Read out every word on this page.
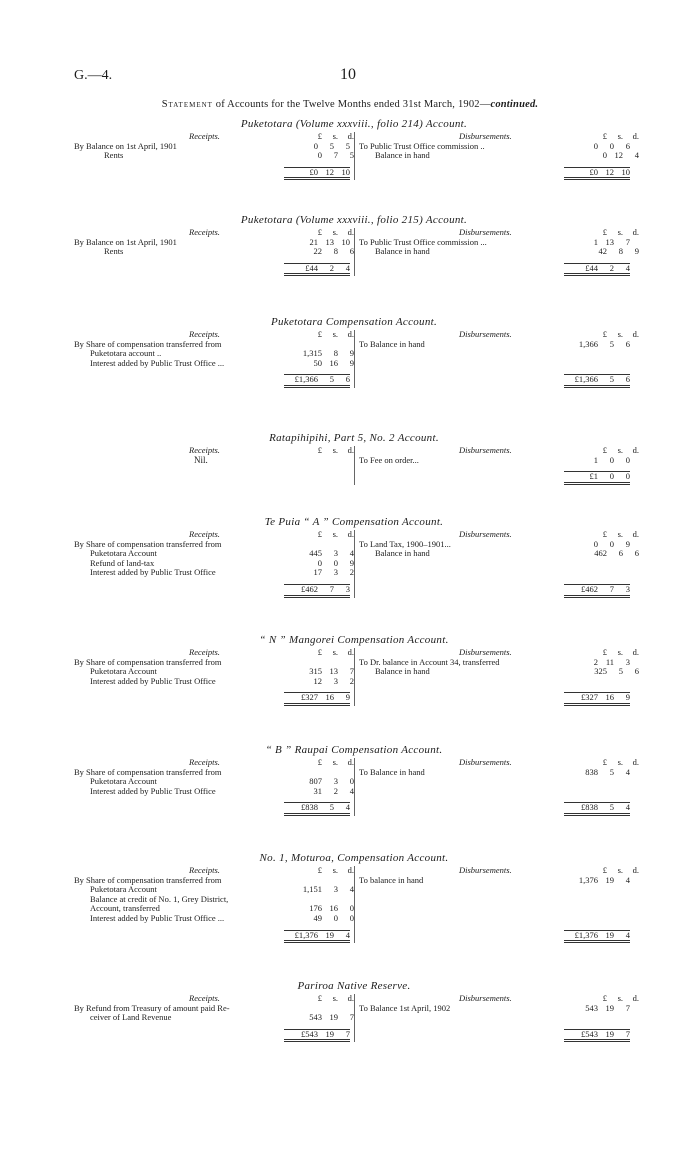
G.—4.	10
Statement of Accounts for the Twelve Months ended 31st March, 1902—continued.
Puketotara (Volume xxxviii., folio 214) Account.
Receipts.	£	s.	d.
By Balance on 1st April, 1901	0	5	5
Rents	0	7	5
£0 12 10
Disbursements.	£	s.	d.
To Public Trust Office commission ..	0	0	6
Balance in hand	0 12	4
£0 12 10
Puketotara (Volume xxxviii., folio 215) Account.
Receipts.	£	s.	d.
By Balance on 1st April, 1901	21 13 10
Rents	22	8	6
£44	2	4
Disbursements.	£	s.	d.
To Public Trust Office commission ...	1 13	7
Balance in hand	42	8	9
£44	2	4
Puketotara Compensation Account.
Receipts.	£	s.	d.
By Share of compensation transferred from
Puketotara account ..	1,315	8	9
Interest added by Public Trust Office ...	50 16	9
£1,366	5	6
Disbursements.	£	s.	d.
To Balance in hand	1,366	5	6

£1,366	5	6
Ratapihipihi, Part 5, No. 2 Account.
Receipts.	£	s.	d.
Nil.

Disbursements.	£	s.	d.
To Fee on order...	1	0	0
£1	0	0
Te Puia “ A ” Compensation Account.
Receipts.	£	s.	d.
By Share of compensation transferred from
Puketotara Account	445	3	4
Refund of land-tax	0	0	9
Interest added by Public Trust Office	17	3	2
£462	7	3
Disbursements.	£	s.	d.
To Land Tax, 1900–1901...	0	0	9
Balance in hand	462	6	6

£462	7	3
“ N ” Mangorei Compensation Account.
Receipts.	£	s.	d.
By Share of compensation transferred from
Puketotara Account	315 13	7
Interest added by Public Trust Office	12	3	2
£327 16	9
Disbursements.	£	s.	d.
To Dr. balance in Account 34, transferred	2 11	3
Balance in hand	325	5	6

£327 16	9
“ B ” Raupai Compensation Account.
Receipts.	£	s.	d.
By Share of compensation transferred from
Puketotara Account	807	3	0
Interest added by Public Trust Office	31	2	4
£838	5	4
Disbursements.	£	s.	d.
To Balance in hand	838	5	4

£838	5	4
No. 1, Moturoa, Compensation Account.
Receipts.	£	s.	d.
By Share of compensation transferred from
Puketotara Account	1,151	3	4
Balance at credit of No. 1, Grey District,
Account, transferred	176 16	0
Interest added by Public Trust Office ...	49	0	0
£1,376 19	4
Disbursements.	£	s.	d.
To balance in hand	1,376 19	4

£1,376 19	4
Pariroa Native Reserve.
Receipts.	£	s.	d.
By Refund from Treasury of amount paid Re-
ceiver of Land Revenue	543 19	7
£543 19	7
Disbursements.	£	s.	d.
To Balance 1st April, 1902	543 19	7

£543 19	7
